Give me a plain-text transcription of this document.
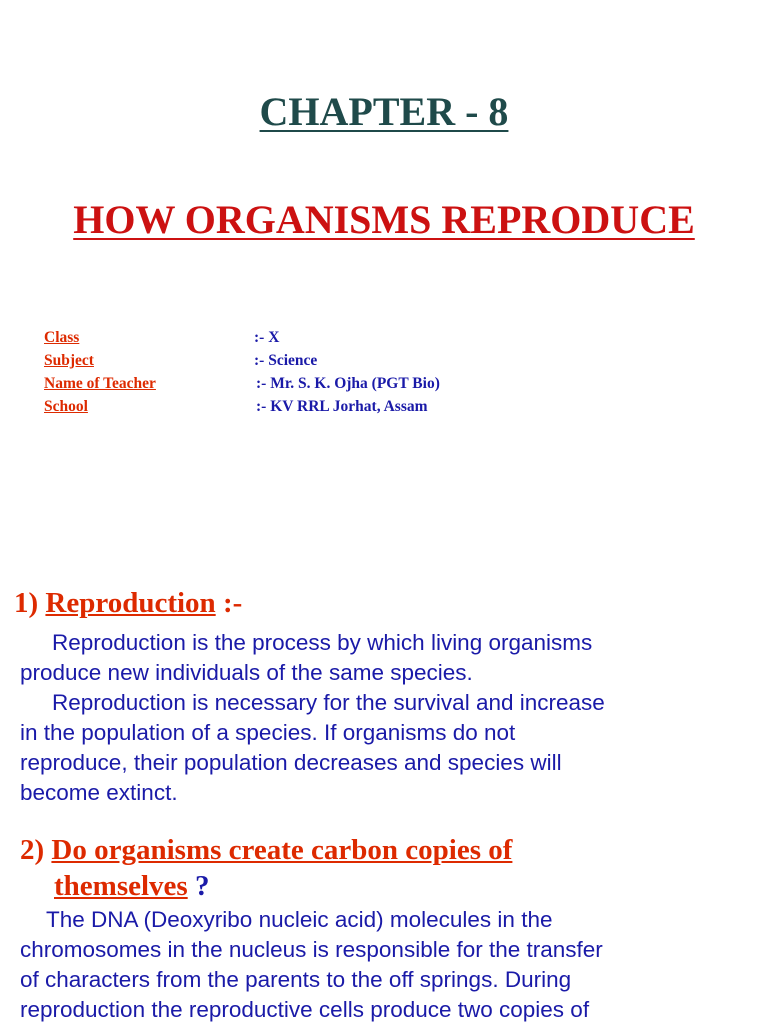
CHAPTER - 8
HOW ORGANISMS REPRODUCE
Class	:- X
Subject	:- Science
Name of Teacher	:- Mr. S. K. Ojha (PGT Bio)
School	:- KV RRL Jorhat, Assam
1) Reproduction :-

Reproduction is the process by which living organisms
produce new individuals of the same species.
Reproduction is necessary for the survival and increase
in the population of a species. If organisms do not
reproduce, their population decreases and species will
become extinct.

2) Do organisms create carbon copies of
themselves ?

The DNA (Deoxyribo nucleic acid) molecules in the
chromosomes in the nucleus is responsible for the transfer
of characters from the parents to the off springs. During
reproduction the reproductive cells produce two copies of
